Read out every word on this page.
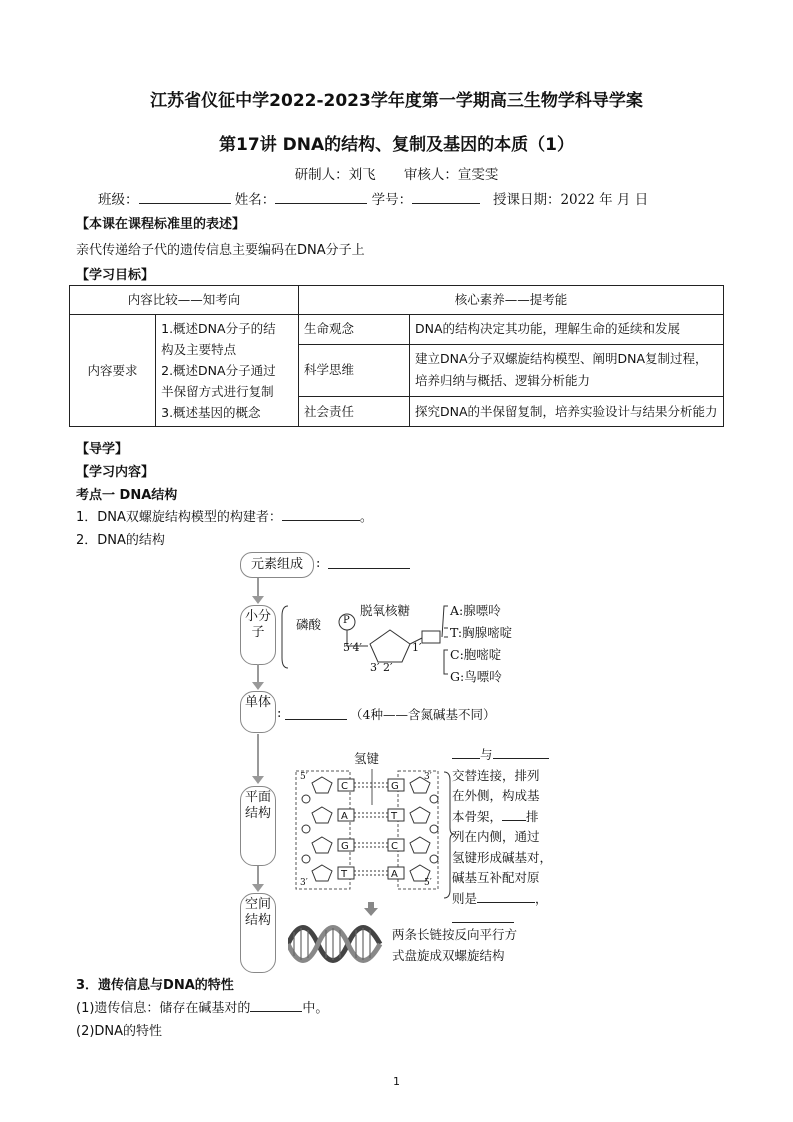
江苏省仪征中学2022-2023学年度第一学期高三生物学科导学案
第17讲 DNA的结构、复制及基因的本质（1）
研制人：刘飞 审核人：宣雯雯
班级：	姓名：	学号：	授课日期：2022 年 月 日
【本课在课程标准里的表述】
亲代传递给子代的遗传信息主要编码在DNA分子上
【学习目标】
内容比较——知考向		核心素养——提考能	
内容要求	1.概述DNA分子的结
构及主要特点
2.概述DNA分子通过
半保留方式进行复制
3.概述基因的概念	生命观念	DNA的结构决定其功能，理解生命的延续和发展
		科学思维	建立DNA分子双螺旋结构模型、阐明DNA复制过程，培养归纳与概括、逻辑分析能力
		社会责任	探究DNA的半保留复制，培养实验设计与结果分析能力
【导学】
【学习内容】
考点一 DNA结构
1．DNA双螺旋结构模型的构建者：	。
2．DNA的结构
元素组成	:
小分子
单体
:	（4种——含氮碱基不同）
平面结构
空间结构
磷酸 P
脱氧核糖
5′4′
3′ 2′
1′
A:腺嘌呤
T:胸腺嘧啶
C:胞嘧啶
G:鸟嘌呤
氢键
C
A
G
T
G
T
C
A
5′
3′
3′
5′
与
交替连接，排列
在外侧，构成基
本骨架， 排
列在内侧，通过
氢键形成碱基对，
碱基互补配对原
则是	，
两条长链按反向平行方
式盘旋成双螺旋结构
3．遗传信息与DNA的特性
(1)遗传信息：储存在碱基对的	中。
(2)DNA的特性
1
